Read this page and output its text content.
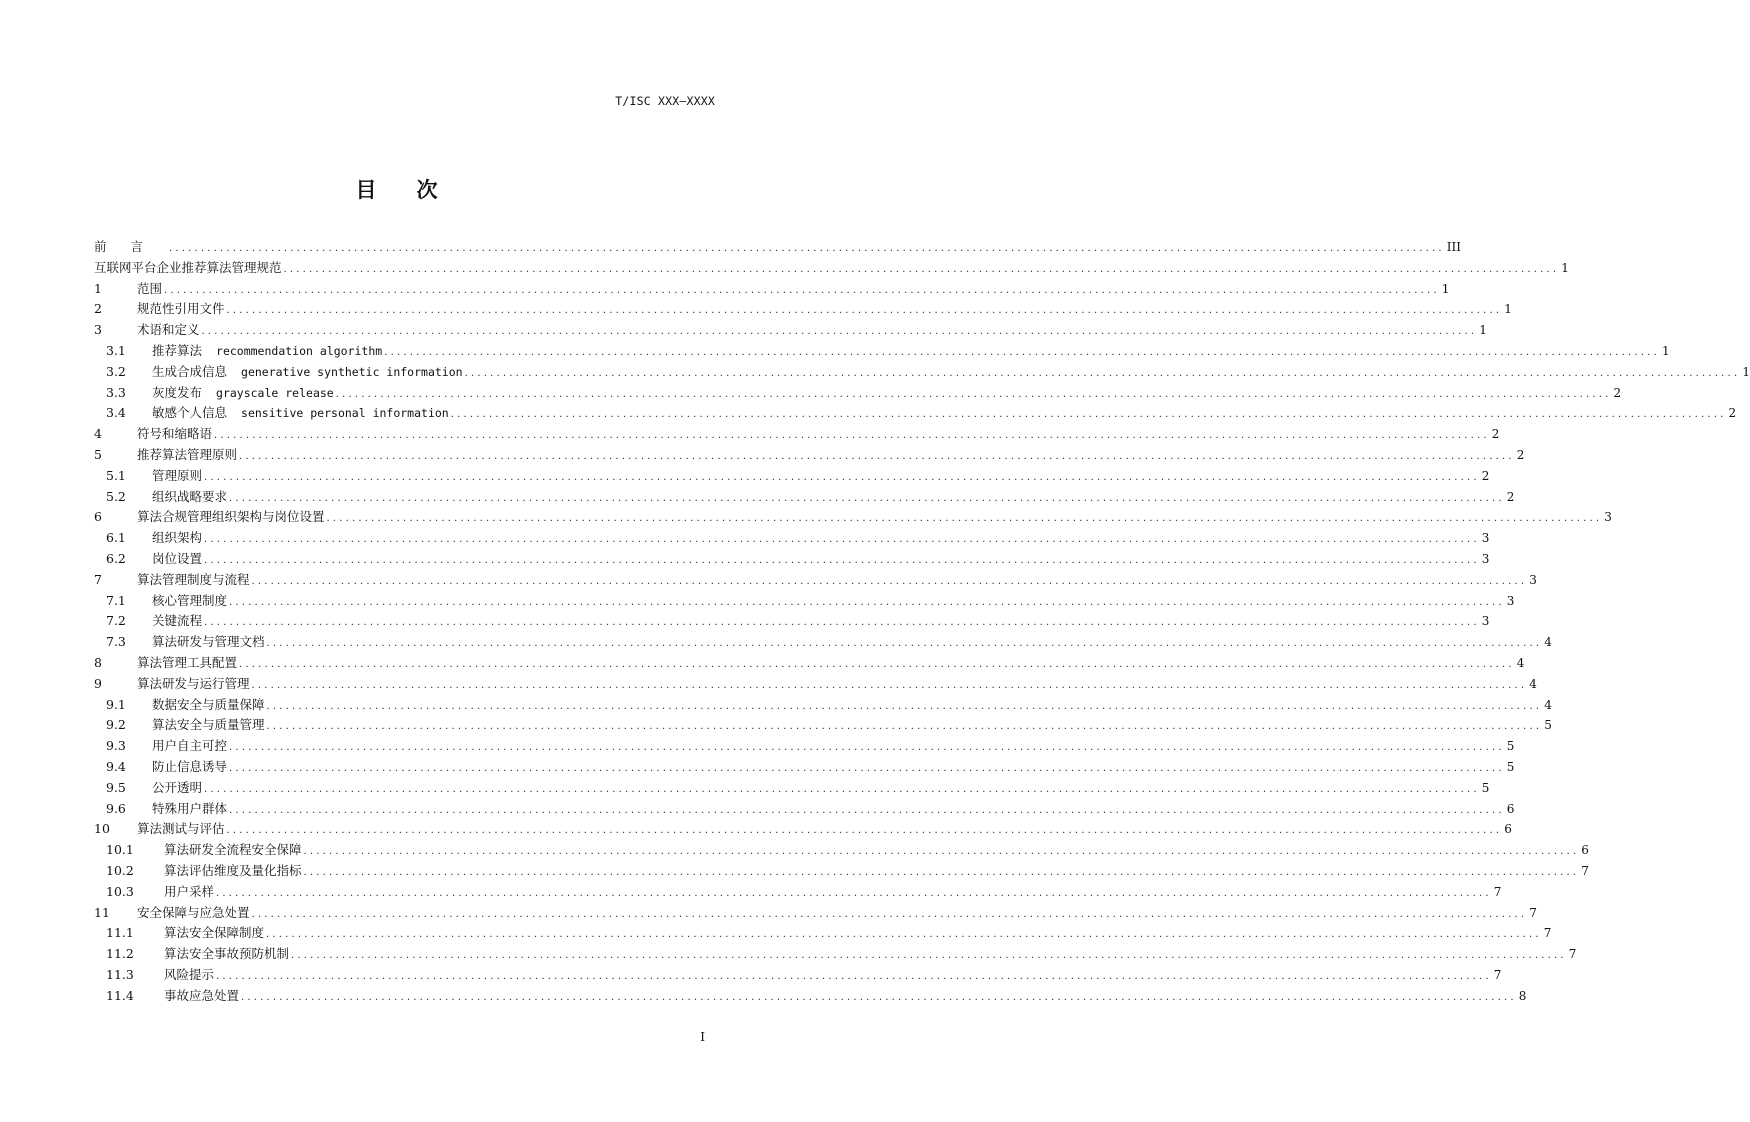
T/ISC XXX—XXXX
目 次
前言 ........................................................................................................................................................................................................ III
互联网平台企业推荐算法管理规范 ........................................................................................................................................................................................................ 1
1	范围 ........................................................................................................................................................................................................ 1
2	规范性引用文件 ........................................................................................................................................................................................................ 1
3	术语和定义 ........................................................................................................................................................................................................ 1
3.1	推荐算法 recommendation algorithm ........................................................................................................................................................................................................ 1
3.2	生成合成信息 generative synthetic information ........................................................................................................................................................................................................ 1
3.3	灰度发布 grayscale release ........................................................................................................................................................................................................ 2
3.4	敏感个人信息 sensitive personal information ........................................................................................................................................................................................................ 2
4	符号和缩略语 ........................................................................................................................................................................................................ 2
5	推荐算法管理原则 ........................................................................................................................................................................................................ 2
5.1	管理原则 ........................................................................................................................................................................................................ 2
5.2	组织战略要求 ........................................................................................................................................................................................................ 2
6	算法合规管理组织架构与岗位设置 ........................................................................................................................................................................................................ 3
6.1	组织架构 ........................................................................................................................................................................................................ 3
6.2	岗位设置 ........................................................................................................................................................................................................ 3
7	算法管理制度与流程 ........................................................................................................................................................................................................ 3
7.1	核心管理制度 ........................................................................................................................................................................................................ 3
7.2	关键流程 ........................................................................................................................................................................................................ 3
7.3	算法研发与管理文档 ........................................................................................................................................................................................................ 4
8	算法管理工具配置 ........................................................................................................................................................................................................ 4
9	算法研发与运行管理 ........................................................................................................................................................................................................ 4
9.1	数据安全与质量保障 ........................................................................................................................................................................................................ 4
9.2	算法安全与质量管理 ........................................................................................................................................................................................................ 5
9.3	用户自主可控 ........................................................................................................................................................................................................ 5
9.4	防止信息诱导 ........................................................................................................................................................................................................ 5
9.5	公开透明 ........................................................................................................................................................................................................ 5
9.6	特殊用户群体 ........................................................................................................................................................................................................ 6
10	算法测试与评估 ........................................................................................................................................................................................................ 6
10.1	算法研发全流程安全保障 ........................................................................................................................................................................................................ 6
10.2	算法评估维度及量化指标 ........................................................................................................................................................................................................ 7
10.3	用户采样 ........................................................................................................................................................................................................ 7
11	安全保障与应急处置 ........................................................................................................................................................................................................ 7
11.1	算法安全保障制度 ........................................................................................................................................................................................................ 7
11.2	算法安全事故预防机制 ........................................................................................................................................................................................................ 7
11.3	风险提示 ........................................................................................................................................................................................................ 7
11.4	事故应急处置 ........................................................................................................................................................................................................ 8
I
